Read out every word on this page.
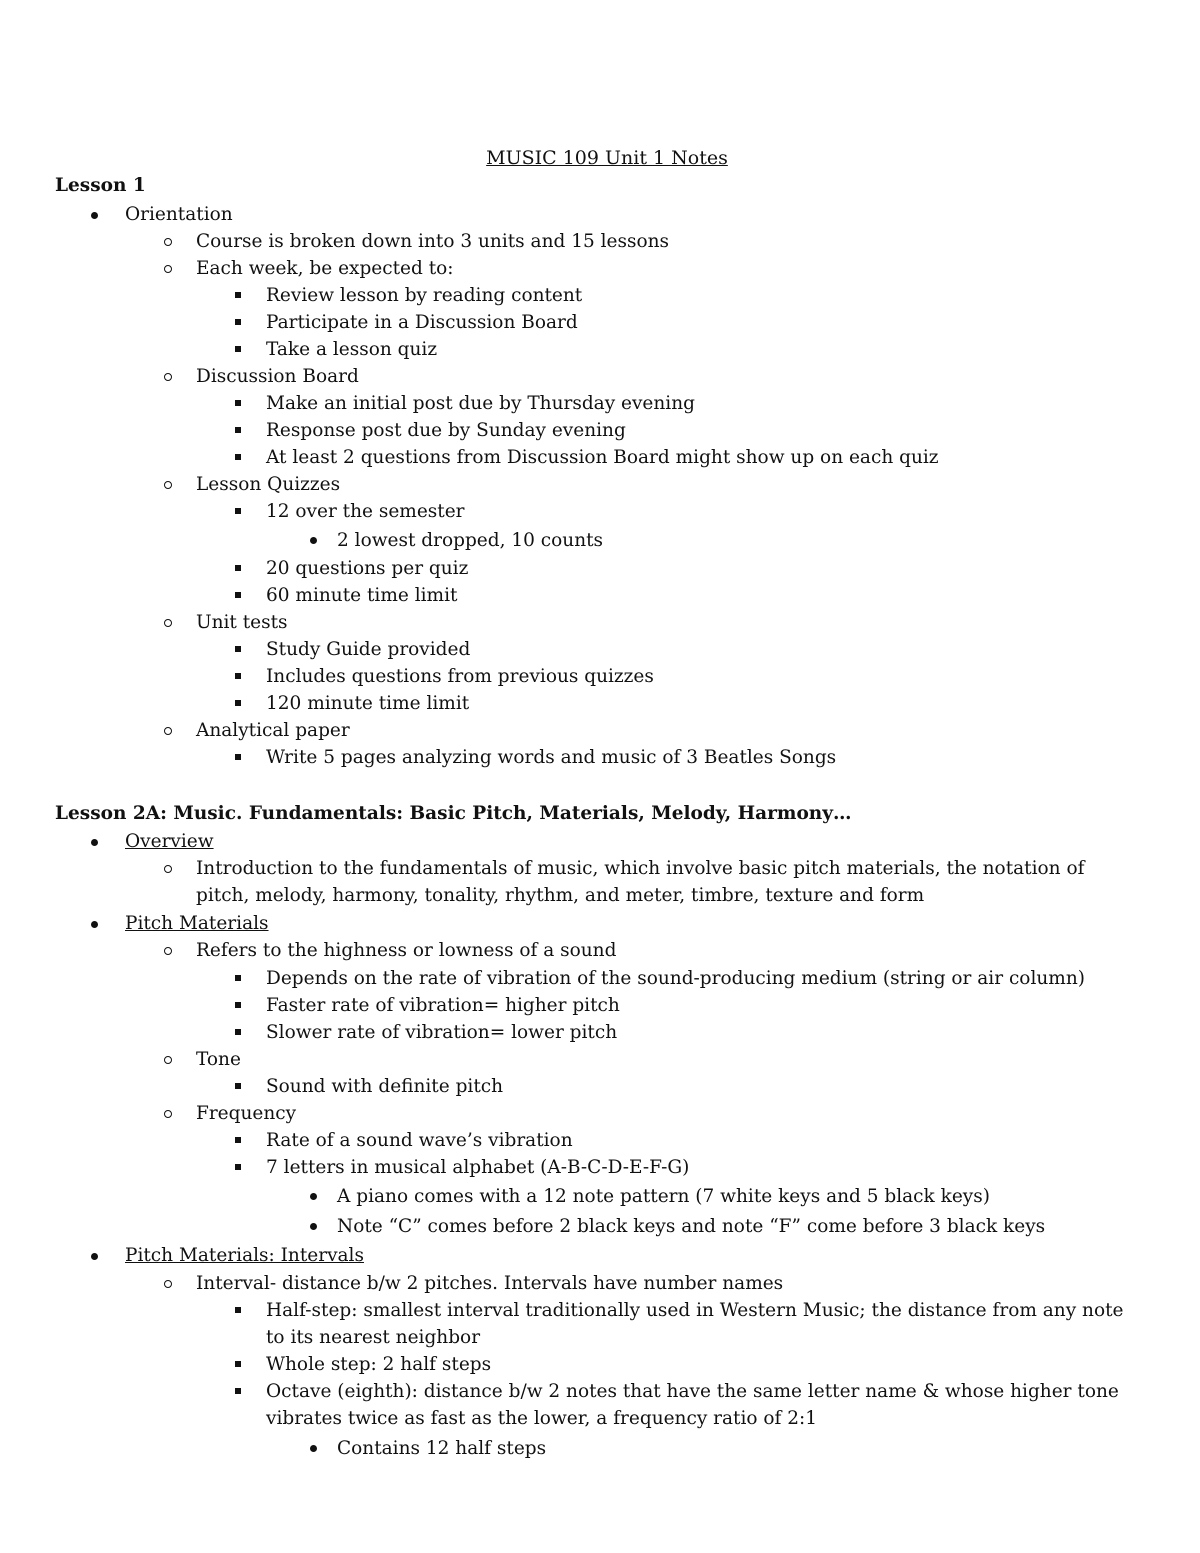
MUSIC 109 Unit 1 Notes
Lesson 1
Orientation
Course is broken down into 3 units and 15 lessons
Each week, be expected to:
Review lesson by reading content
Participate in a Discussion Board
Take a lesson quiz
Discussion Board
Make an initial post due by Thursday evening
Response post due by Sunday evening
At least 2 questions from Discussion Board might show up on each quiz
Lesson Quizzes
12 over the semester
2 lowest dropped, 10 counts
20 questions per quiz
60 minute time limit
Unit tests
Study Guide provided
Includes questions from previous quizzes
120 minute time limit
Analytical paper
Write 5 pages analyzing words and music of 3 Beatles Songs
Lesson 2A: Music. Fundamentals: Basic Pitch, Materials, Melody, Harmony…
Overview
Introduction to the fundamentals of music, which involve basic pitch materials, the notation of
pitch, melody, harmony, tonality, rhythm, and meter, timbre, texture and form
Pitch Materials
Refers to the highness or lowness of a sound
Depends on the rate of vibration of the sound-producing medium (string or air column)
Faster rate of vibration= higher pitch
Slower rate of vibration= lower pitch
Tone
Sound with definite pitch
Frequency
Rate of a sound wave’s vibration
7 letters in musical alphabet (A-B-C-D-E-F-G)
A piano comes with a 12 note pattern (7 white keys and 5 black keys)
Note “C” comes before 2 black keys and note “F” come before 3 black keys
Pitch Materials: Intervals
Interval- distance b/w 2 pitches. Intervals have number names
Half-step: smallest interval traditionally used in Western Music; the distance from any note
to its nearest neighbor
Whole step: 2 half steps
Octave (eighth): distance b/w 2 notes that have the same letter name & whose higher tone
vibrates twice as fast as the lower, a frequency ratio of 2:1
Contains 12 half steps
